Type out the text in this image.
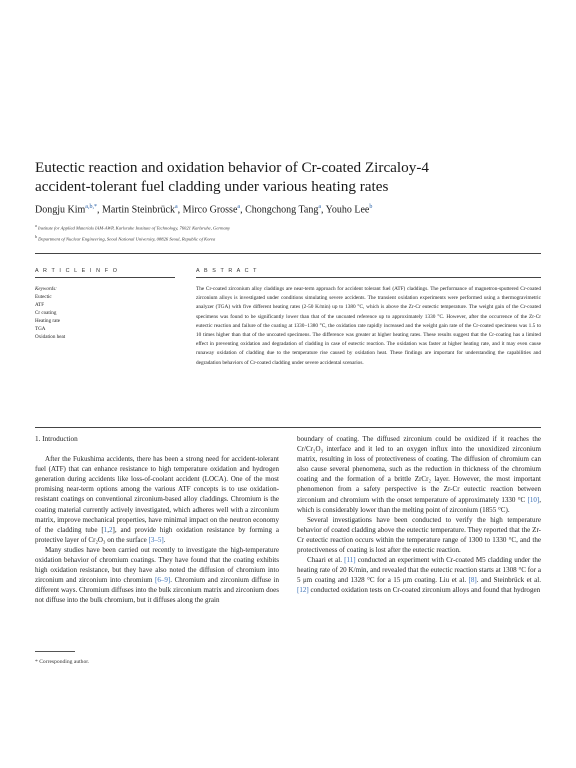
Eutectic reaction and oxidation behavior of Cr-coated Zircaloy-4
accident-tolerant fuel cladding under various heating rates
Dongju Kim$^{a,b,*}$, Martin Steinbrück$^a$, Mirco Grosse$^a$, Chongchong Tang$^a$, Youho Lee$^b$
$^a$ Institute for Applied Materials IAM-AWP, Karlsruhe Institute of Technology, 76021 Karlsruhe, Germany
$^b$ Department of Nuclear Engineering, Seoul National University, 08826 Seoul, Republic of Korea
A R T I C L E I N F O	A B S T R A C T
Keywords:
Eutectic
ATF
Cr coating
Heating rate
TGA
Oxidation heat
The Cr-coated zirconium alloy claddings are near-term approach for accident tolerant fuel (ATF) claddings. The performance of magnetron-sputtered Cr-coated zirconium alloys is investigated under conditions simulating severe accidents. The transient oxidation experiments were performed using a thermogravimetric analyzer (TGA) with five different heating rates (2-50 K/min) up to 1380 °C, which is above the Zr-Cr eutectic temperature. The weight gain of the Cr-coated specimens was found to be significantly lower than that of the uncoated reference up to approximately 1330 °C. However, after the occurrence of the Zr-Cr eutectic reaction and failure of the coating at 1330−1380 °C, the oxidation rate rapidly increased and the weight gain rate of the Cr-coated specimens was 1.5 to 10 times higher than that of the uncoated specimens. The difference was greater at higher heating rates. These results suggest that the Cr-coating has a limited effect in preventing oxidation and degradation of cladding in case of eutectic reaction. The oxidation was faster at higher heating rate, and it may even cause runaway oxidation of cladding due to the temperature rise caused by oxidation heat. These findings are important for understanding the capabilities and degradation behaviors of Cr-coated cladding under severe accidental scenarios.
1. Introduction

After the Fukushima accidents, there has been a strong need for accident-tolerant fuel (ATF) that can enhance resistance to high temperature oxidation and hydrogen generation during accidents like loss-of-coolant accident (LOCA). One of the most promising near-term options among the various ATF concepts is to use oxidation-resistant coatings on conventional zirconium-based alloy claddings. Chromium is the coating material currently actively investigated, which adheres well with a zirconium matrix, improve mechanical properties, have minimal impact on the neutron economy of the cladding tube [1,2], and provide high oxidation resistance by forming a protective layer of Cr₂O₃ on the surface [3–5].

Many studies have been carried out recently to investigate the high-temperature oxidation behavior of chromium coatings. They have found that the coating exhibits high oxidation resistance, but they have also noted the diffusion of chromium into zirconium and zirconium into chromium [6–9]. Chromium and zirconium diffuse in different ways. Chromium diffuses into the bulk zirconium matrix and zirconium does not diffuse into the bulk chromium, but it diffuses along the grain

boundary of coating. The diffused zirconium could be oxidized if it reaches the Cr/Cr₂O₃ interface and it led to an oxygen influx into the unoxidized zirconium matrix, resulting in loss of protectiveness of coating. The diffusion of chromium can also cause several phenomena, such as the reduction in thickness of the chromium coating and the formation of a brittle ZrCr₂ layer. However, the most important phenomenon from a safety perspective is the Zr-Cr eutectic reaction between zirconium and chromium with the onset temperature of approximately 1330 °C [10], which is considerably lower than the melting point of zirconium (1855 °C).

Several investigations have been conducted to verify the high temperature behavior of coated cladding above the eutectic temperature. They reported that the Zr-Cr eutectic reaction occurs within the temperature range of 1300 to 1330 °C, and the protectiveness of coating is lost after the eutectic reaction.

Chaari et al. [11] conducted an experiment with Cr-coated M5 cladding under the heating rate of 20 K/min, and revealed that the eutectic reaction starts at 1308 °C for a 5 μm coating and 1328 °C for a 15 μm coating. Liu et al. [8]. and Steinbrück et al. [12] conducted oxidation tests on Cr-coated zirconium alloys and found that hydrogen

* Corresponding author.
